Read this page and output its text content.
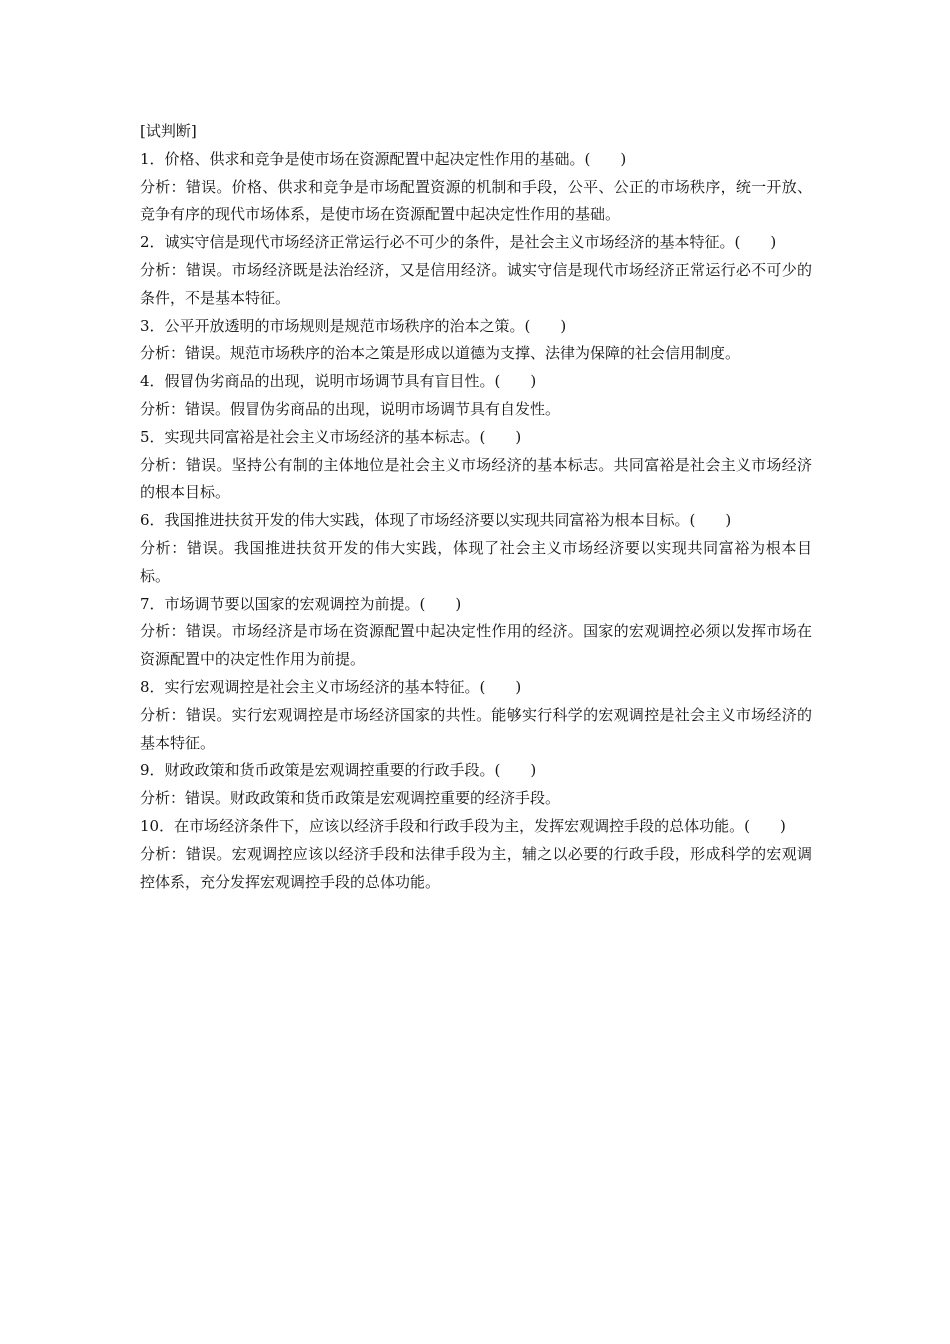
[试判断]

1．价格、供求和竞争是使市场在资源配置中起决定性作用的基础。(　　)

分析：错误。价格、供求和竞争是市场配置资源的机制和手段，公平、公正的市场秩序，统一开放、竞争有序的现代市场体系，是使市场在资源配置中起决定性作用的基础。

2．诚实守信是现代市场经济正常运行必不可少的条件，是社会主义市场经济的基本特征。(　　)

分析：错误。市场经济既是法治经济，又是信用经济。诚实守信是现代市场经济正常运行必不可少的条件，不是基本特征。

3．公平开放透明的市场规则是规范市场秩序的治本之策。(　　)

分析：错误。规范市场秩序的治本之策是形成以道德为支撑、法律为保障的社会信用制度。

4．假冒伪劣商品的出现，说明市场调节具有盲目性。(　　)

分析：错误。假冒伪劣商品的出现，说明市场调节具有自发性。

5．实现共同富裕是社会主义市场经济的基本标志。(　　)

分析：错误。坚持公有制的主体地位是社会主义市场经济的基本标志。共同富裕是社会主义市场经济的根本目标。

6．我国推进扶贫开发的伟大实践，体现了市场经济要以实现共同富裕为根本目标。(　　)

分析：错误。我国推进扶贫开发的伟大实践，体现了社会主义市场经济要以实现共同富裕为根本目标。

7．市场调节要以国家的宏观调控为前提。(　　)

分析：错误。市场经济是市场在资源配置中起决定性作用的经济。国家的宏观调控必须以发挥市场在资源配置中的决定性作用为前提。

8．实行宏观调控是社会主义市场经济的基本特征。(　　)

分析：错误。实行宏观调控是市场经济国家的共性。能够实行科学的宏观调控是社会主义市场经济的基本特征。

9．财政政策和货币政策是宏观调控重要的行政手段。(　　)

分析：错误。财政政策和货币政策是宏观调控重要的经济手段。

10．在市场经济条件下，应该以经济手段和行政手段为主，发挥宏观调控手段的总体功能。(　　)

分析：错误。宏观调控应该以经济手段和法律手段为主，辅之以必要的行政手段，形成科学的宏观调控体系，充分发挥宏观调控手段的总体功能。
